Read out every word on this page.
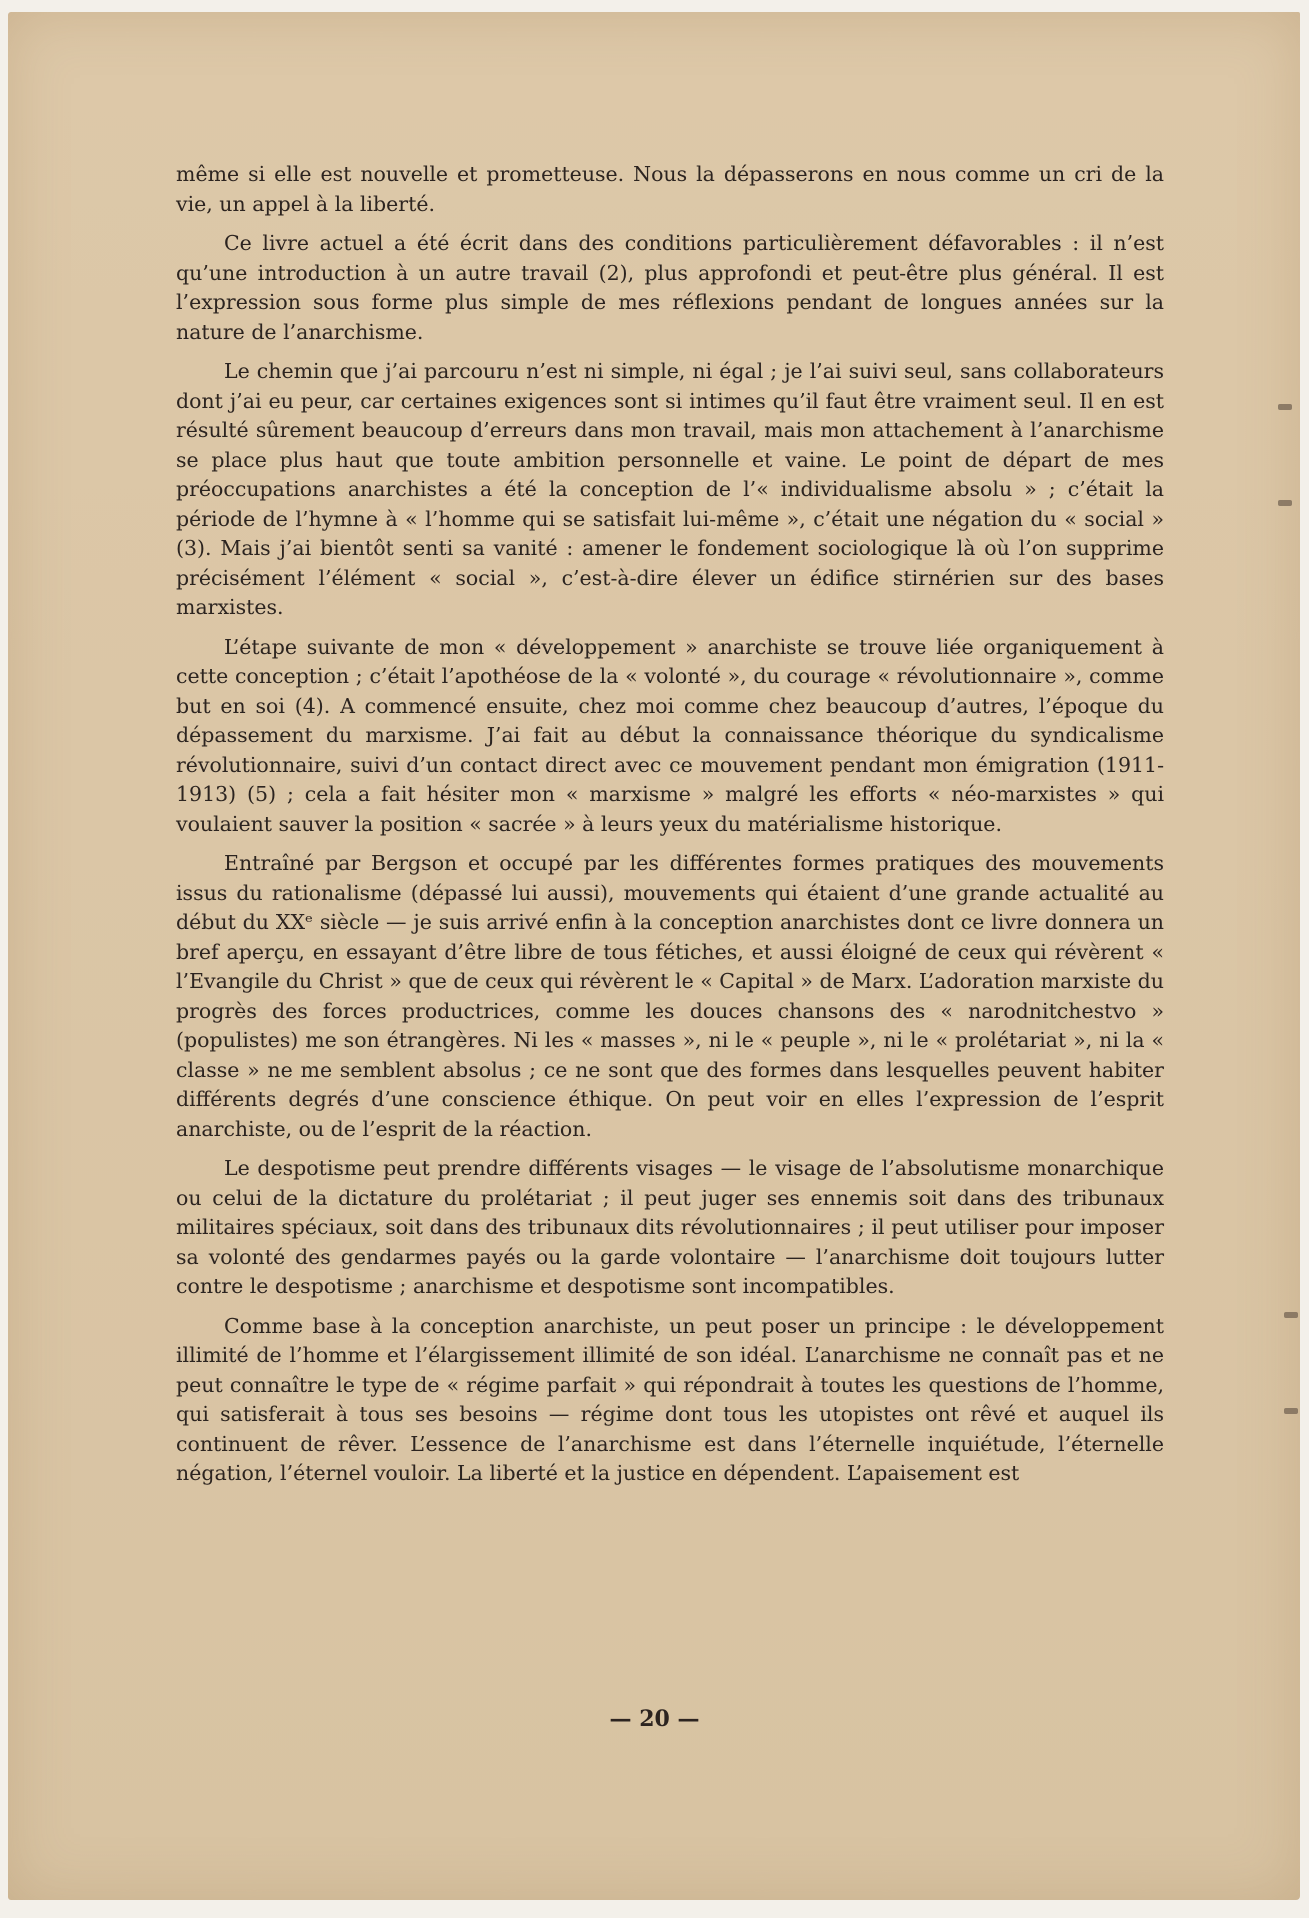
même si elle est nouvelle et prometteuse. Nous la dépasserons en nous comme un cri de la vie, un appel à la liberté.

Ce livre actuel a été écrit dans des conditions particulièrement défavorables : il n’est qu’une introduction à un autre travail (2), plus approfondi et peut-être plus général. Il est l’expression sous forme plus simple de mes réflexions pendant de longues années sur la nature de l’anarchisme.

Le chemin que j’ai parcouru n’est ni simple, ni égal ; je l’ai suivi seul, sans collaborateurs dont j’ai eu peur, car certaines exigences sont si intimes qu’il faut être vraiment seul. Il en est résulté sûrement beaucoup d’erreurs dans mon travail, mais mon attachement à l’anarchisme se place plus haut que toute ambition personnelle et vaine. Le point de départ de mes préoccupations anarchistes a été la conception de l’« individualisme absolu » ; c’était la période de l’hymne à « l’homme qui se satisfait lui-même », c’était une négation du « social » (3). Mais j’ai bientôt senti sa vanité : amener le fondement sociologique là où l’on supprime précisément l’élément « social », c’est-à-dire élever un édifice stirnérien sur des bases marxistes.

L’étape suivante de mon « développement » anarchiste se trouve liée organiquement à cette conception ; c’était l’apothéose de la « volonté », du courage « révolutionnaire », comme but en soi (4). A commencé ensuite, chez moi comme chez beaucoup d’autres, l’époque du dépassement du marxisme. J’ai fait au début la connaissance théorique du syndicalisme révolutionnaire, suivi d’un contact direct avec ce mouvement pendant mon émigration (1911-1913) (5) ; cela a fait hésiter mon « marxisme » malgré les efforts « néo-marxistes » qui voulaient sauver la position « sacrée » à leurs yeux du matérialisme historique.

Entraîné par Bergson et occupé par les différentes formes pratiques des mouvements issus du rationalisme (dépassé lui aussi), mouvements qui étaient d’une grande actualité au début du XXᵉ siècle — je suis arrivé enfin à la conception anarchistes dont ce livre donnera un bref aperçu, en essayant d’être libre de tous fétiches, et aussi éloigné de ceux qui révèrent « l’Evangile du Christ » que de ceux qui révèrent le « Capital » de Marx. L’adoration marxiste du progrès des forces productrices, comme les douces chansons des « narodnitchestvo » (populistes) me son étrangères. Ni les « masses », ni le « peuple », ni le « prolétariat », ni la « classe » ne me semblent absolus ; ce ne sont que des formes dans lesquelles peuvent habiter différents degrés d’une conscience éthique. On peut voir en elles l’expression de l’esprit anarchiste, ou de l’esprit de la réaction.

Le despotisme peut prendre différents visages — le visage de l’absolutisme monarchique ou celui de la dictature du prolétariat ; il peut juger ses ennemis soit dans des tribunaux militaires spéciaux, soit dans des tribunaux dits révolutionnaires ; il peut utiliser pour imposer sa volonté des gendarmes payés ou la garde volontaire — l’anarchisme doit toujours lutter contre le despotisme ; anarchisme et despotisme sont incompatibles.

Comme base à la conception anarchiste, un peut poser un principe : le développement illimité de l’homme et l’élargissement illimité de son idéal. L’anarchisme ne connaît pas et ne peut connaître le type de « régime parfait » qui répondrait à toutes les questions de l’homme, qui satisferait à tous ses besoins — régime dont tous les utopistes ont rêvé et auquel ils continuent de rêver. L’essence de l’anarchisme est dans l’éternelle inquiétude, l’éternelle négation, l’éternel vouloir. La liberté et la justice en dépendent. L’apaisement est

— 20 —
